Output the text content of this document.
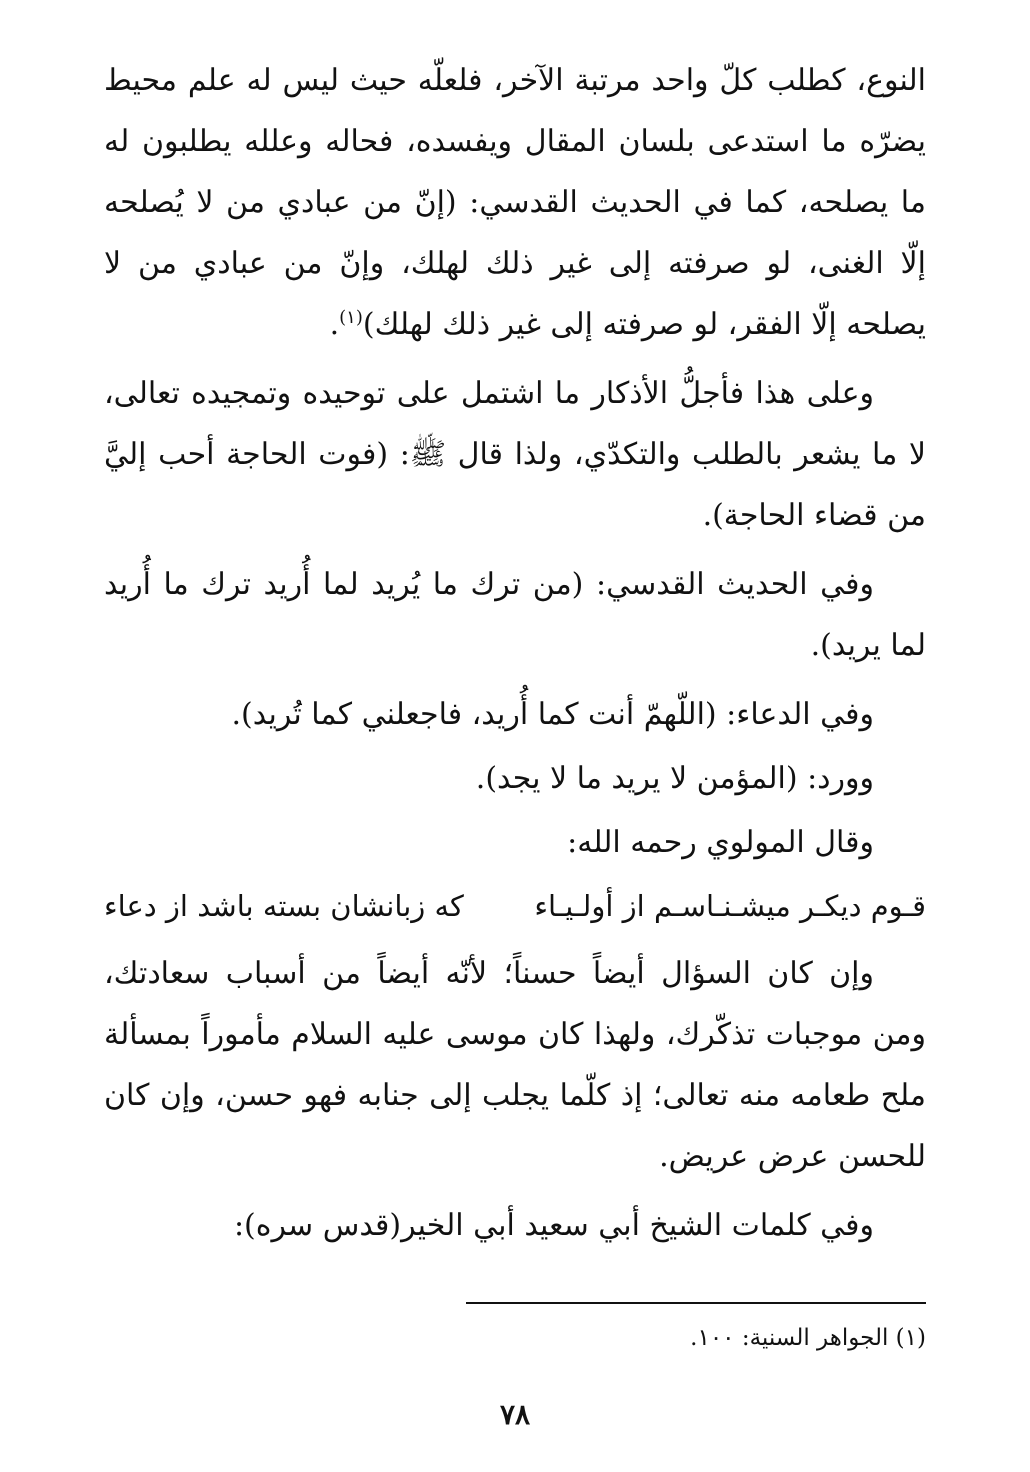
النوع، كطلب كلّ واحد مرتبة الآخر، فلعلّه حيث ليس له علم محيط يضرّه ما استدعى بلسان المقال ويفسده، فحاله وعلله يطلبون له ما يصلحه، كما في الحديث القدسي: (إنّ من عبادي من لا يُصلحه إلّا الغنى، لو صرفته إلى غير ذلك لهلك، وإنّ من عبادي من لا يصلحه إلّا الفقر، لو صرفته إلى غير ذلك لهلك)$^{(١)}$.

وعلى هذا فأجلُّ الأذكار ما اشتمل على توحيده وتمجيده تعالى، لا ما يشعر بالطلب والتكدّي، ولذا قال ﷺ: (فوت الحاجة أحب إليَّ من قضاء الحاجة).

وفي الحديث القدسي: (من ترك ما يُريد لما أُريد ترك ما أُريد لما يريد).

وفي الدعاء: (اللّهمّ أنت كما أُريد، فاجعلني كما تُريد).
وورد: (المؤمن لا يريد ما لا يجد).
وقال المولوي رحمه الله:
قـوم ديكـر ميشـنـاسـم از أولـيـاء
كه زبانشان بسته باشد از دعاء

وإن كان السؤال أيضاً حسناً؛ لأنّه أيضاً من أسباب سعادتك، ومن موجبات تذكّرك، ولهذا كان موسى عليه السلام مأموراً بمسألة ملح طعامه منه تعالى؛ إذ كلّما يجلب إلى جنابه فهو حسن، وإن كان للحسن عرض عريض.

وفي كلمات الشيخ أبي سعيد أبي الخير(قدس سره):
(١) الجواهر السنية: ١٠٠.
٧٨
